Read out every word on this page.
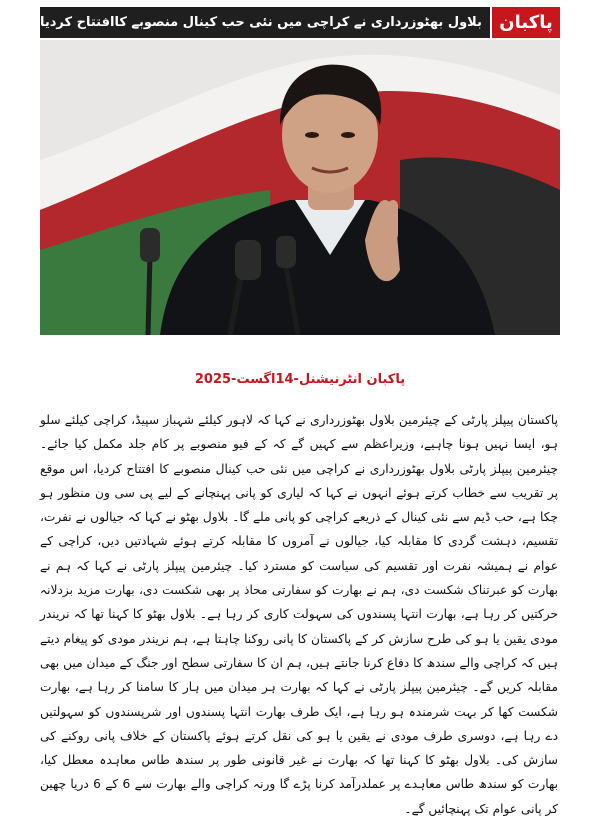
بلاول بھٹوزرداری نے کراچی میں نئی حب کینال منصوبے کاافتتاح کردیا پاکبان
پاکبان انٹرنیشنل-14اگست-2025
پاکستان پیپلز پارٹی کے چیئرمین بلاول بھٹوزرداری نے کہا کہ لاہور کیلئے شہباز سپیڈ، کراچی کیلئے سلو ہو، ایسا نہیں ہونا چاہیے، وزیراعظم سے کہیں گے کہ کے فیو منصوبے پر کام جلد مکمل کیا جائے۔ چیئرمین پیپلز پارٹی بلاول بھٹوزرداری نے کراچی میں نئی حب کینال منصوبے کا افتتاح کردیا، اس موقع پر تقریب سے خطاب کرتے ہوئے انہوں نے کہا کہ لیاری کو پانی پہنچانے کے لیے پی سی ون منظور ہو چکا ہے، حب ڈیم سے نئی کینال کے ذریعے کراچی کو پانی ملے گا۔ بلاول بھٹو نے کہا کہ جیالوں نے نفرت، تقسیم، دہشت گردی کا مقابلہ کیا، جیالوں نے آمروں کا مقابلہ کرتے ہوئے شہادتیں دیں، کراچی کے عوام نے ہمیشہ نفرت اور تقسیم کی سیاست کو مسترد کیا۔ چیئرمین پیپلز پارٹی نے کہا کہ ہم نے بھارت کو عبرتناک شکست دی، ہم نے بھارت کو سفارتی محاذ پر بھی شکست دی، بھارت مزید بزدلانہ حرکتیں کر رہا ہے، بھارت انتہا پسندوں کی سہولت کاری کر رہا ہے۔ بلاول بھٹو کا کہنا تھا کہ نریندر مودی یقین یا ہو کی طرح سازش کر کے پاکستان کا پانی روکنا چاہتا ہے، ہم نریندر مودی کو پیغام دیتے ہیں کہ کراچی والے سندھ کا دفاع کرنا جانتے ہیں، ہم ان کا سفارتی سطح اور جنگ کے میدان میں بھی مقابلہ کریں گے۔ چیئرمین پیپلز پارٹی نے کہا کہ بھارت ہر میدان میں ہار کا سامنا کر رہا ہے، بھارت شکست کھا کر بہت شرمندہ ہو رہا ہے، ایک طرف بھارت انتہا پسندوں اور شرپسندوں کو سہولتیں دے رہا ہے، دوسری طرف مودی نے یقین یا ہو کی نقل کرتے ہوئے پاکستان کے خلاف پانی روکنے کی سازش کی۔ بلاول بھٹو کا کہنا تھا کہ بھارت نے غیر قانونی طور پر سندھ طاس معاہدہ معطل کیا، بھارت کو سندھ طاس معاہدے پر عملدرآمد کرنا پڑے گا ورنہ کراچی والے بھارت سے 6 کے 6 دریا چھین کر پانی عوام تک پہنچائیں گے۔
